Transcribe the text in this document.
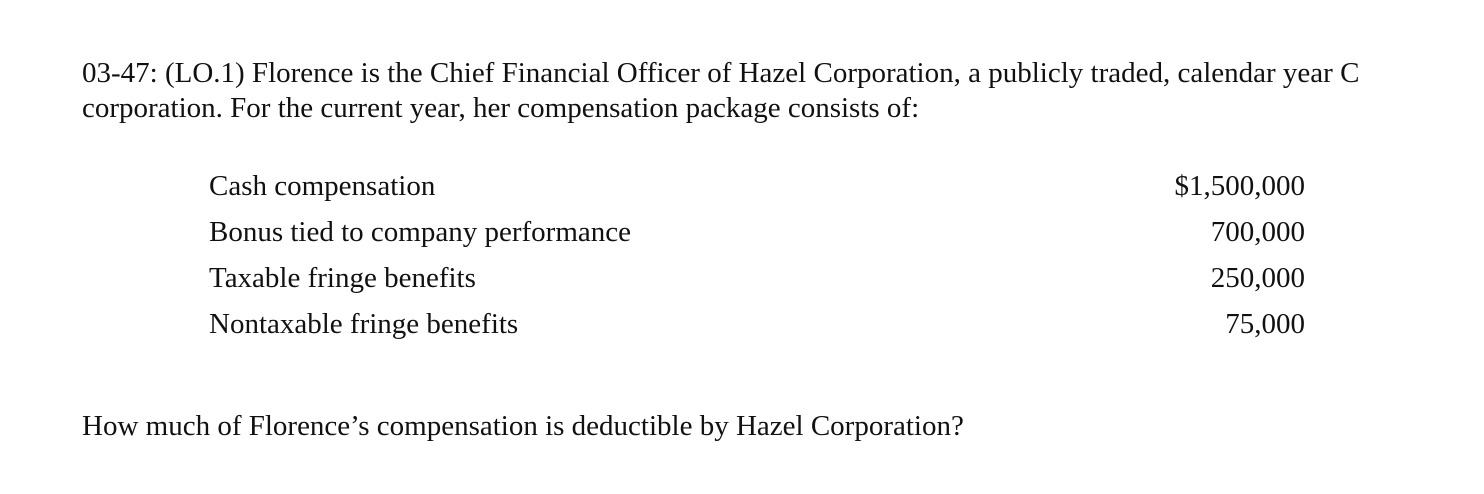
03-47: (LO.1) Florence is the Chief Financial Officer of Hazel Corporation, a publicly traded, calendar year C corporation. For the current year, her compensation package consists of:

Cash compensation	$1,500,000
Bonus tied to company performance	700,000
Taxable fringe benefits	250,000
Nontaxable fringe benefits	75,000

How much of Florence’s compensation is deductible by Hazel Corporation?
